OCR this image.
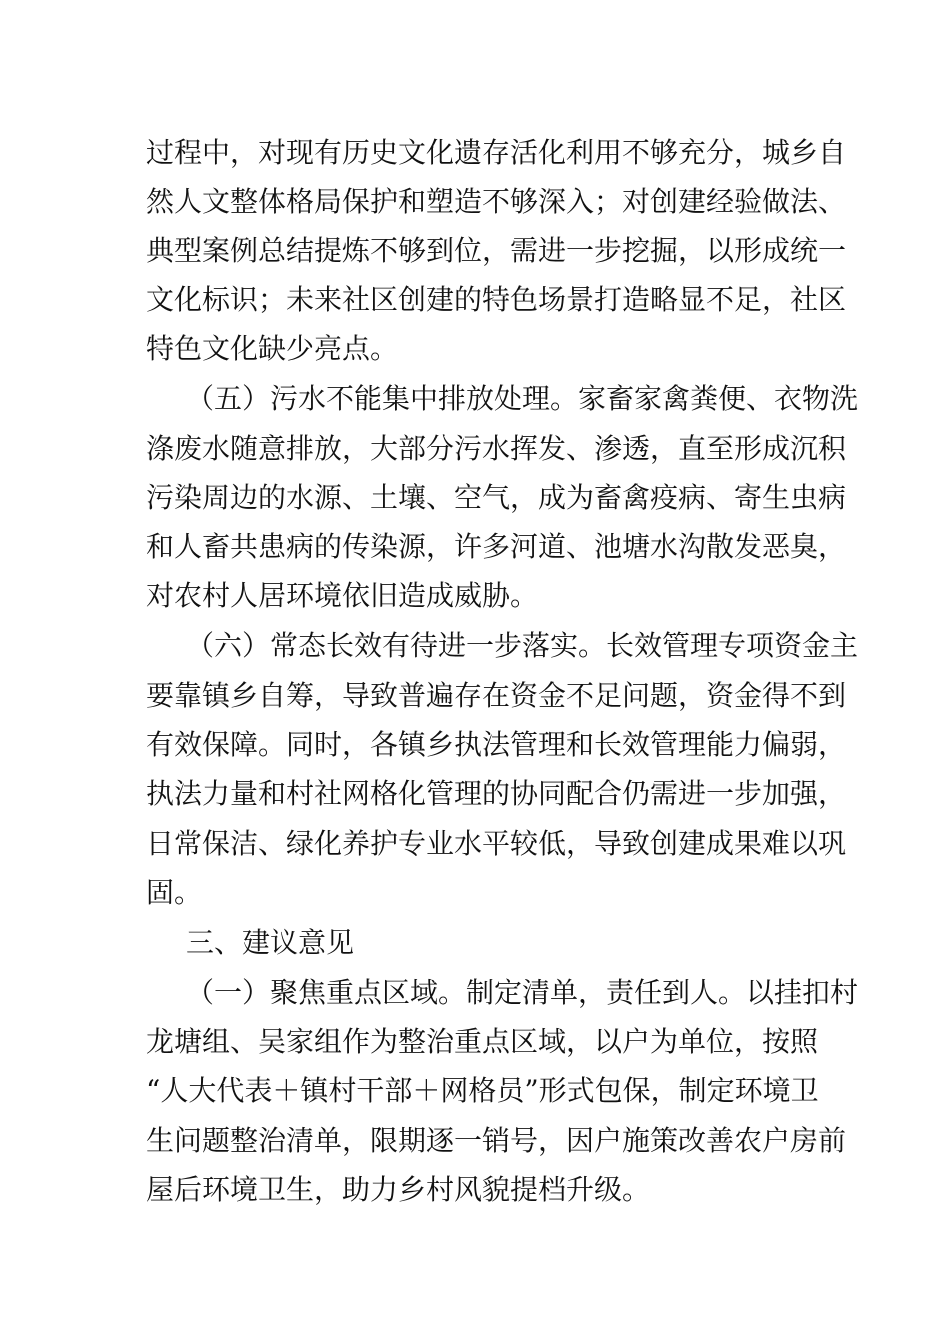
过程中，对现有历史文化遗存活化利用不够充分，城乡自
然人文整体格局保护和塑造不够深入；对创建经验做法、
典型案例总结提炼不够到位，需进一步挖掘，以形成统一
文化标识；未来社区创建的特色场景打造略显不足，社区
特色文化缺少亮点。
（五）污水不能集中排放处理。家畜家禽粪便、衣物洗
涤废水随意排放，大部分污水挥发、渗透，直至形成沉积
污染周边的水源、土壤、空气，成为畜禽疫病、寄生虫病
和人畜共患病的传染源，许多河道、池塘水沟散发恶臭，
对农村人居环境依旧造成威胁。
（六）常态长效有待进一步落实。长效管理专项资金主
要靠镇乡自筹，导致普遍存在资金不足问题，资金得不到
有效保障。同时，各镇乡执法管理和长效管理能力偏弱，
执法力量和村社网格化管理的协同配合仍需进一步加强，
日常保洁、绿化养护专业水平较低，导致创建成果难以巩
固。
三、建议意见
（一）聚焦重点区域。制定清单，责任到人。以挂扣村
龙塘组、吴家组作为整治重点区域，以户为单位，按照
“人大代表＋镇村干部＋网格员”形式包保，制定环境卫
生问题整治清单，限期逐一销号，因户施策改善农户房前
屋后环境卫生，助力乡村风貌提档升级。
